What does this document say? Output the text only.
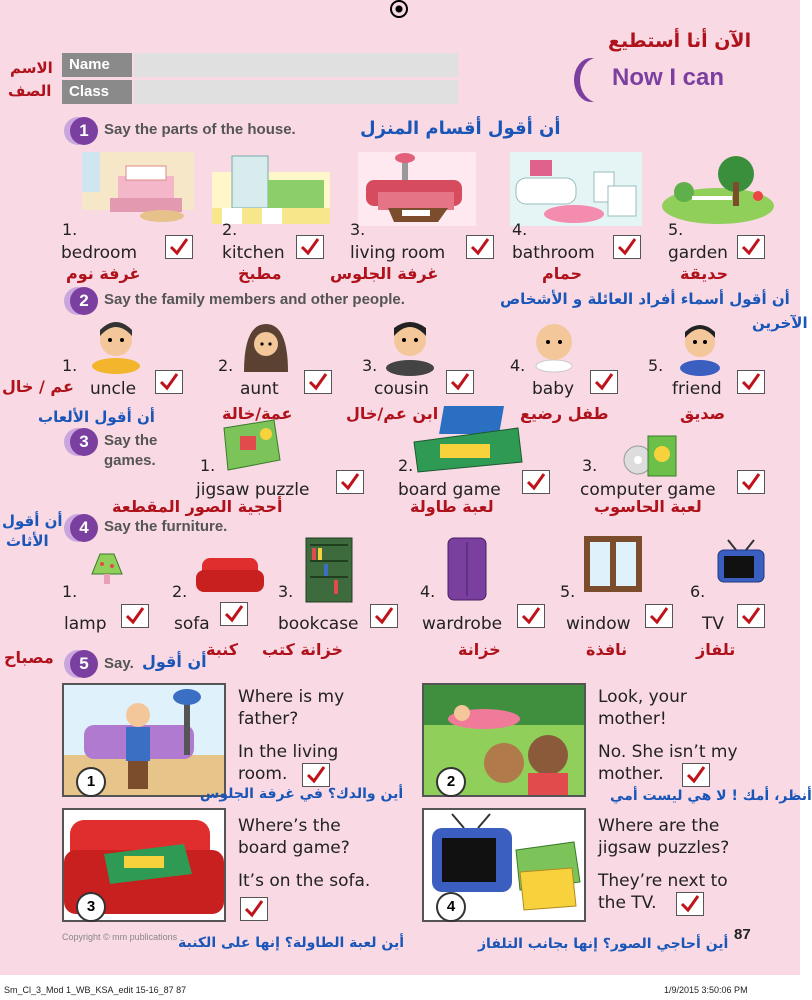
Name
Class
الاسم
الصف
الآن أنا أستطيع
Now I can
1	Say the parts of the house.	أن أقول أقسام المنزل
1.
bedroom
غرفة نوم
2.
kitchen
مطبخ
3.
living room
غرفة الجلوس
4.
bathroom
حمام
5.
garden
حديقة
2	Say the family members and other people.	أن أقول أسماء أفراد العائلة و الأشخاص
الآخرين
1.
uncle
عم / خال
2.
aunt
عمة/خالة
3.
cousin
ابن عم/خال
4.
baby
طفل رضيع
5.
friend
صديق
أن أقول الألعاب
3	Say the
games.	1.
jigsaw puzzle
أحجية الصور المقطعة
2.
board game
لعبة طاولة
3.
computer game
لعبة الحاسوب
أن أقول
الأثاث
4	Say the furniture.
1.
lamp
مصباح
2.
sofa
كنبة
3.
bookcase
خزانة كتب
4.
wardrobe
خزانة
5.
window
نافذة
6.
TV
تلفاز
5	Say. أن أقول
1
Where is my
father?
In the living
room.
أين والدك؟ في غرفة الجلوس
2
Look, your
mother!
No. She isn’t my
mother.
أنظر، أمك ! لا هي ليست أمي
3
Where’s the
board game?
It’s on the sofa.
أين لعبة الطاولة؟ إنها على الكنبة
4
Where are the
jigsaw puzzles?
They’re next to
the TV.
أين أحاجي الصور؟ إنها بجانب التلفاز
Copyright © mm publications	87
Sm_Cl_3_Mod 1_WB_KSA_edit 15-16_87 87	1/9/2015 3:50:06 PM
